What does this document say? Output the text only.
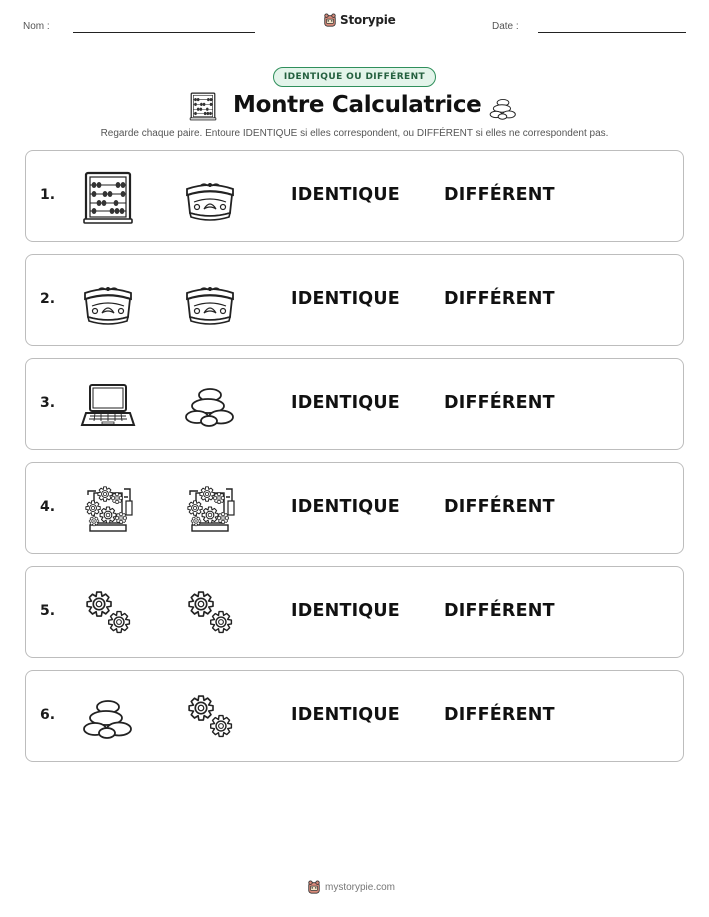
Nom :	Storypie	Date :
IDENTIQUE OU DIFFÉRENT
Montre Calculatrice

Regarde chaque paire. Entoure IDENTIQUE si elles correspondent, ou DIFFÉRENT si elles ne correspondent pas.

1.	IDENTIQUE	DIFFÉRENT
2.	IDENTIQUE	DIFFÉRENT
3.	IDENTIQUE	DIFFÉRENT
4.	IDENTIQUE	DIFFÉRENT
5.	IDENTIQUE	DIFFÉRENT
6.	IDENTIQUE	DIFFÉRENT
mystorypie.com
